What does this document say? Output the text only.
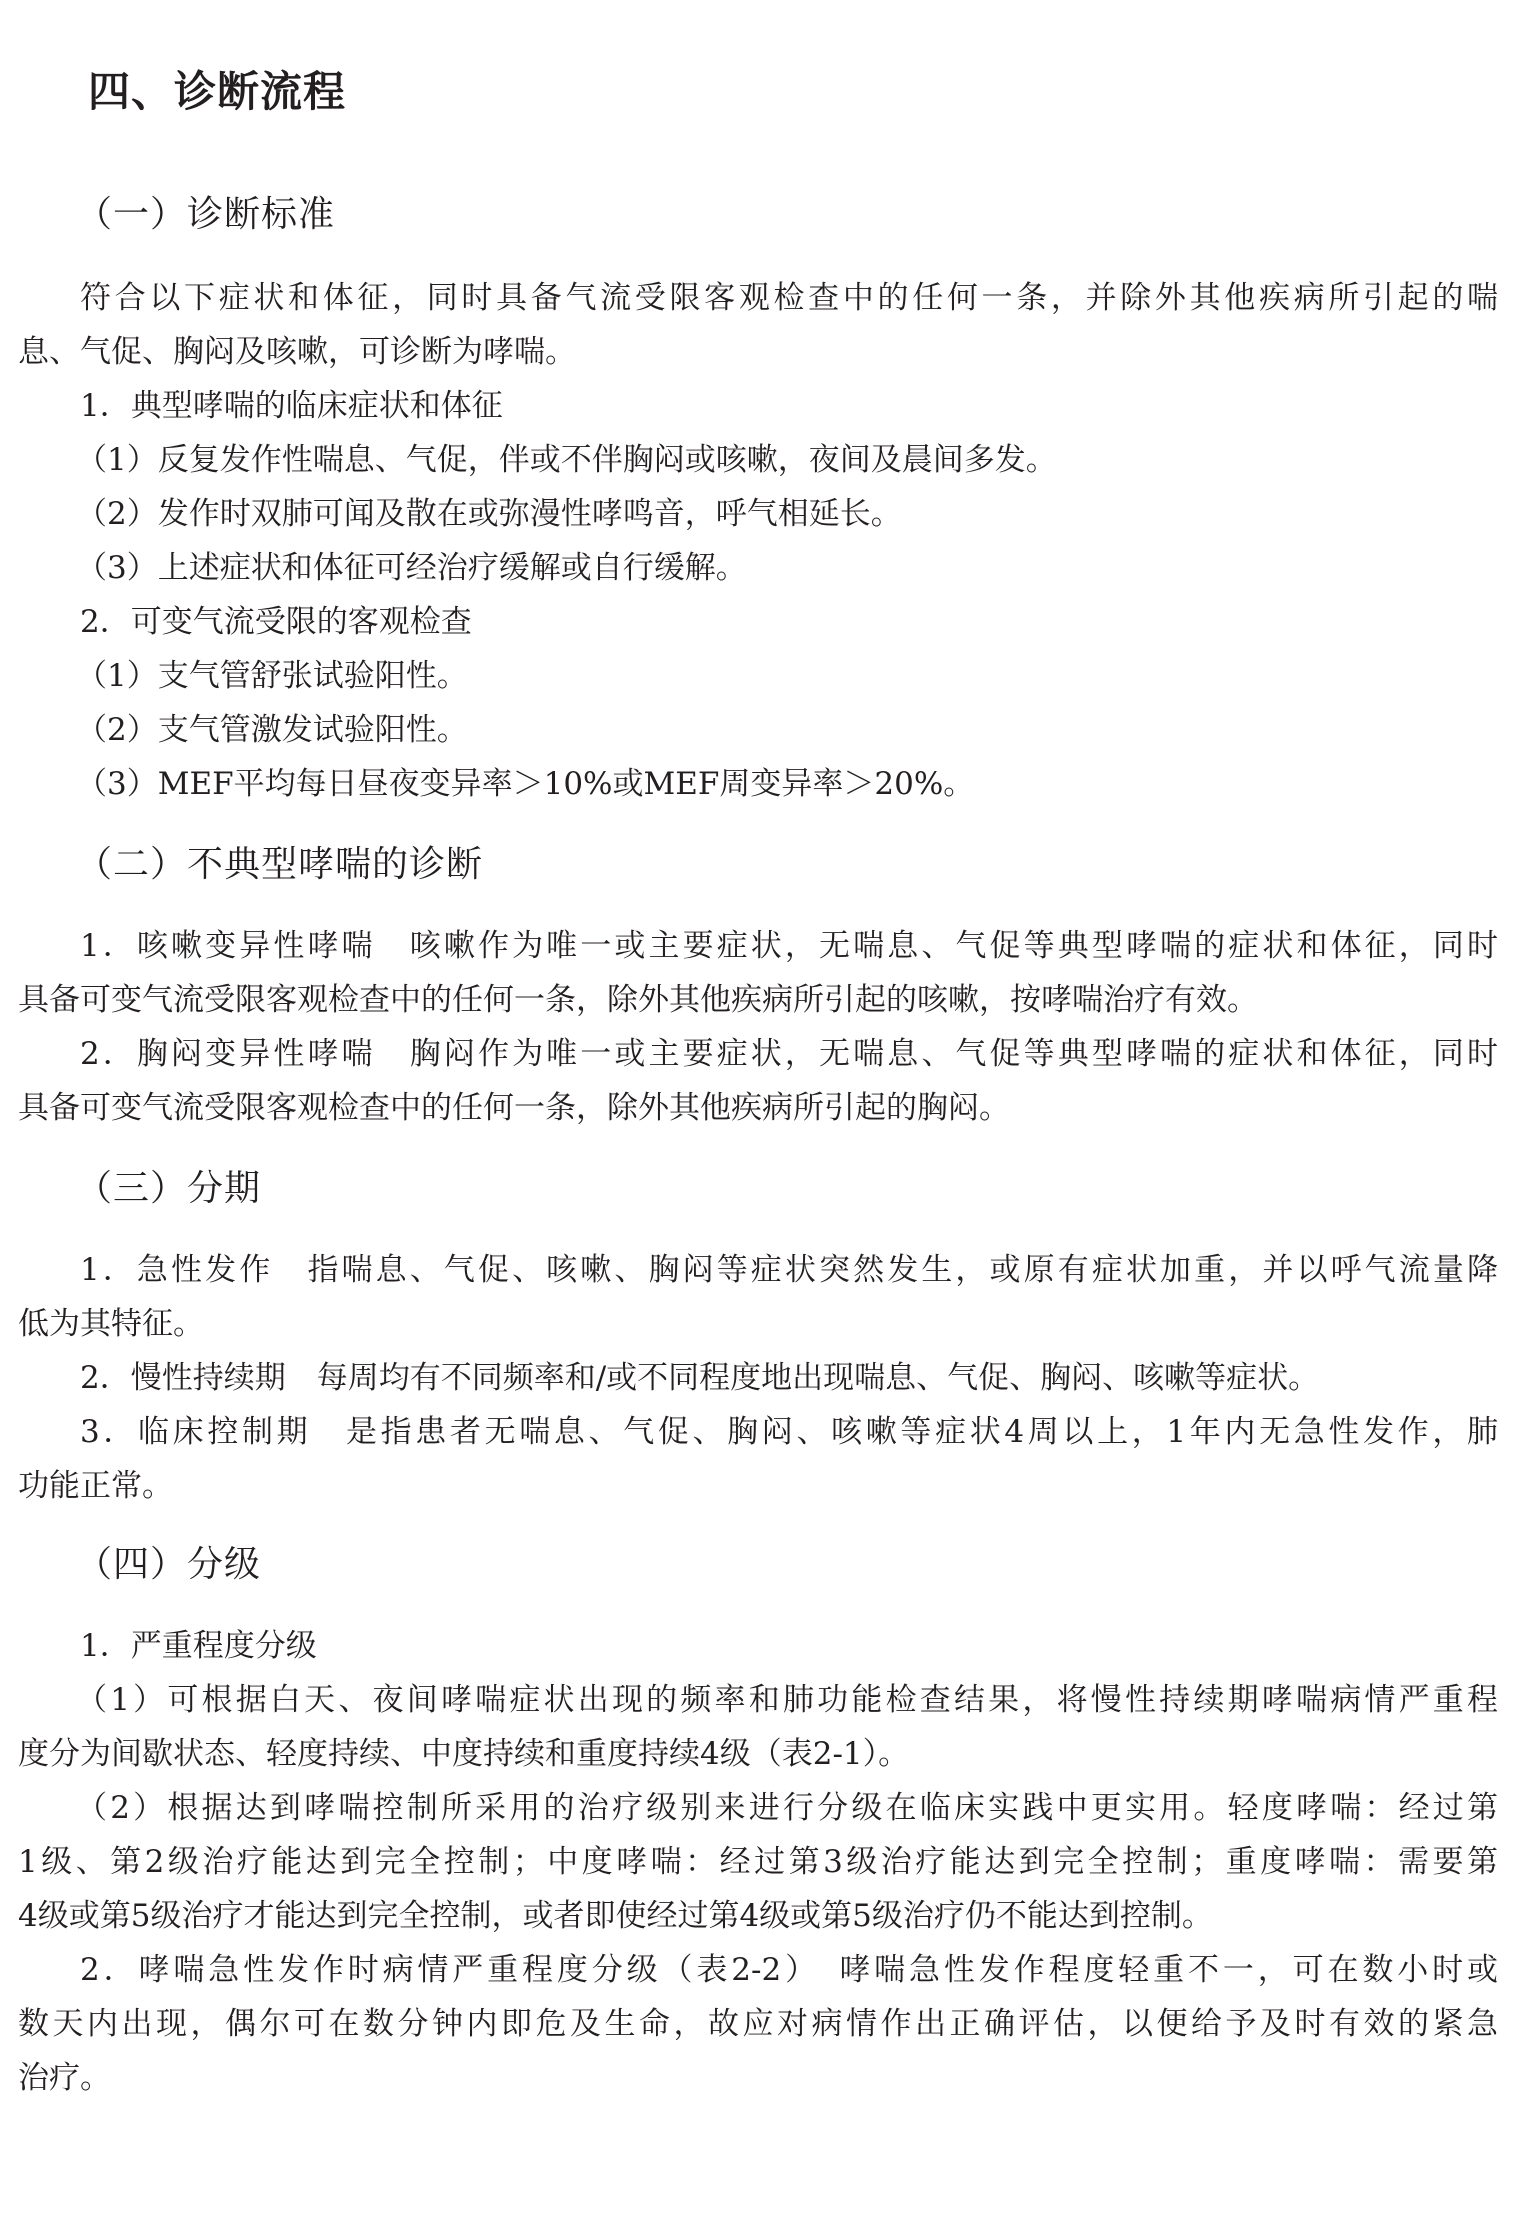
四、诊断流程
（一）诊断标准
符合以下症状和体征，同时具备气流受限客观检查中的任何一条，并除外其他疾病所引起的喘
息、气促、胸闷及咳嗽，可诊断为哮喘。
1．典型哮喘的临床症状和体征
（1）反复发作性喘息、气促，伴或不伴胸闷或咳嗽，夜间及晨间多发。
（2）发作时双肺可闻及散在或弥漫性哮鸣音，呼气相延长。
（3）上述症状和体征可经治疗缓解或自行缓解。
2．可变气流受限的客观检查
（1）支气管舒张试验阳性。
（2）支气管激发试验阳性。
（3）MEF平均每日昼夜变异率＞10%或MEF周变异率＞20%。
（二）不典型哮喘的诊断
1．咳嗽变异性哮喘　咳嗽作为唯一或主要症状，无喘息、气促等典型哮喘的症状和体征，同时
具备可变气流受限客观检查中的任何一条，除外其他疾病所引起的咳嗽，按哮喘治疗有效。
2．胸闷变异性哮喘　胸闷作为唯一或主要症状，无喘息、气促等典型哮喘的症状和体征，同时
具备可变气流受限客观检查中的任何一条，除外其他疾病所引起的胸闷。
（三）分期
1．急性发作　指喘息、气促、咳嗽、胸闷等症状突然发生，或原有症状加重，并以呼气流量降
低为其特征。
2．慢性持续期　每周均有不同频率和/或不同程度地出现喘息、气促、胸闷、咳嗽等症状。
3．临床控制期　是指患者无喘息、气促、胸闷、咳嗽等症状4周以上，1年内无急性发作，肺
功能正常。
（四）分级
1．严重程度分级
（1）可根据白天、夜间哮喘症状出现的频率和肺功能检查结果，将慢性持续期哮喘病情严重程
度分为间歇状态、轻度持续、中度持续和重度持续4级（表2-1）。
（2）根据达到哮喘控制所采用的治疗级别来进行分级在临床实践中更实用。轻度哮喘：经过第
1级、第2级治疗能达到完全控制；中度哮喘：经过第3级治疗能达到完全控制；重度哮喘：需要第
4级或第5级治疗才能达到完全控制，或者即使经过第4级或第5级治疗仍不能达到控制。
2．哮喘急性发作时病情严重程度分级（表2-2）　哮喘急性发作程度轻重不一，可在数小时或
数天内出现，偶尔可在数分钟内即危及生命，故应对病情作出正确评估，以便给予及时有效的紧急
治疗。
